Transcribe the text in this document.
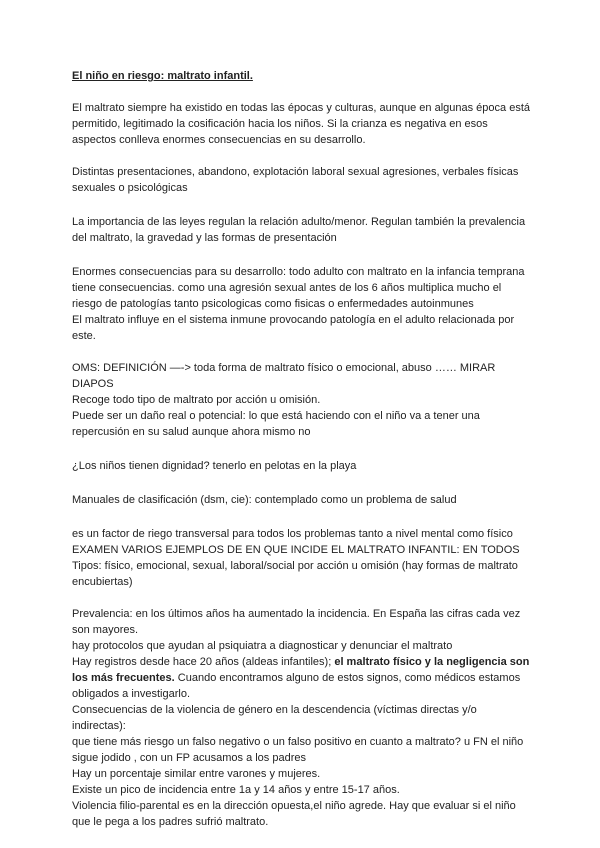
El niño en riesgo: maltrato infantil.

El maltrato siempre ha existido en todas las épocas y culturas, aunque en algunas época está permitido, legitimado la cosificación hacia los niños. Si la crianza es negativa en esos aspectos conlleva enormes consecuencias en su desarrollo.

Distintas presentaciones, abandono, explotación laboral sexual agresiones, verbales físicas sexuales o psicológicas

La importancia de las leyes regulan la relación adulto/menor. Regulan también la prevalencia del maltrato, la gravedad y las formas de presentación

Enormes consecuencias para su desarrollo: todo adulto con maltrato en la infancia temprana tiene consecuencias. como una agresión sexual antes de los 6 años multiplica mucho el riesgo de patologías tanto psicologicas como fisicas o enfermedades autoinmunes

El maltrato influye en el sistema inmune provocando patología en el adulto relacionada por este.

OMS: DEFINICIÓN —-> toda forma de maltrato físico o emocional, abuso …… MIRAR DIAPOS

Recoge todo tipo de maltrato por acción u omisión.

Puede ser un daño real o potencial: lo que está haciendo con el niño va a tener una repercusión en su salud aunque ahora mismo no

¿Los niños tienen dignidad? tenerlo en pelotas en la playa

Manuales de clasificación (dsm, cie): contemplado como un problema de salud

es un factor de riego transversal para todos los problemas tanto a nivel mental como físico

EXAMEN VARIOS EJEMPLOS DE EN QUE INCIDE EL MALTRATO INFANTIL: EN TODOS

Tipos: físico, emocional, sexual, laboral/social por acción u omisión (hay formas de maltrato encubiertas)

Prevalencia: en los últimos años ha aumentado la incidencia. En España las cifras cada vez son mayores.

hay protocolos que ayudan al psiquiatra a diagnosticar y denunciar el maltrato

Hay registros desde hace 20 años (aldeas infantiles); el maltrato físico y la negligencia son los más frecuentes. Cuando encontramos alguno de estos signos, como médicos estamos obligados a investigarlo.

Consecuencias de la violencia de género en la descendencia (víctimas directas y/o indirectas):

que tiene más riesgo un falso negativo o un falso positivo en cuanto a maltrato? u FN el niño sigue jodido , con un FP acusamos a los padres

Hay un porcentaje similar entre varones y mujeres.

Existe un pico de incidencia entre 1a y 14 años y entre 15-17 años.

Violencia filio-parental es en la dirección opuesta,el niño agrede. Hay que evaluar si el niño que le pega a los padres sufrió maltrato.
